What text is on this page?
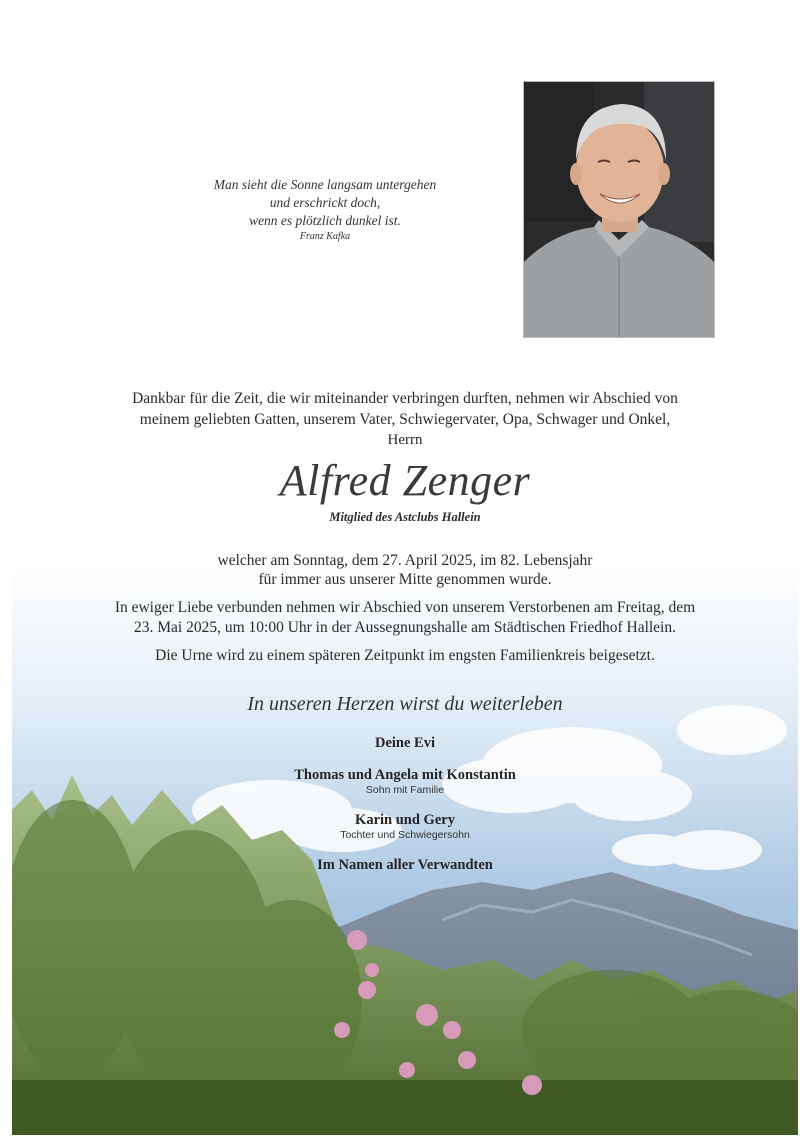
Man sieht die Sonne langsam untergehen
und erschrickt doch,
wenn es plötzlich dunkel ist.
Franz Kafka
Dankbar für die Zeit, die wir miteinander verbringen durften, nehmen wir Abschied von
meinem geliebten Gatten, unserem Vater, Schwiegervater, Opa, Schwager und Onkel,
Herrn
Alfred Zenger
Mitglied des Astclubs Hallein
welcher am Sonntag, dem 27. April 2025, im 82. Lebensjahr
für immer aus unserer Mitte genommen wurde.
In ewiger Liebe verbunden nehmen wir Abschied von unserem Verstorbenen am Freitag, dem
23. Mai 2025, um 10:00 Uhr in der Aussegnungshalle am Städtischen Friedhof Hallein.
Die Urne wird zu einem späteren Zeitpunkt im engsten Familienkreis beigesetzt.
In unseren Herzen wirst du weiterleben
Deine Evi
Thomas und Angela mit Konstantin
Sohn mit Familie
Karin und Gery
Tochter und Schwiegersohn
Im Namen aller Verwandten
